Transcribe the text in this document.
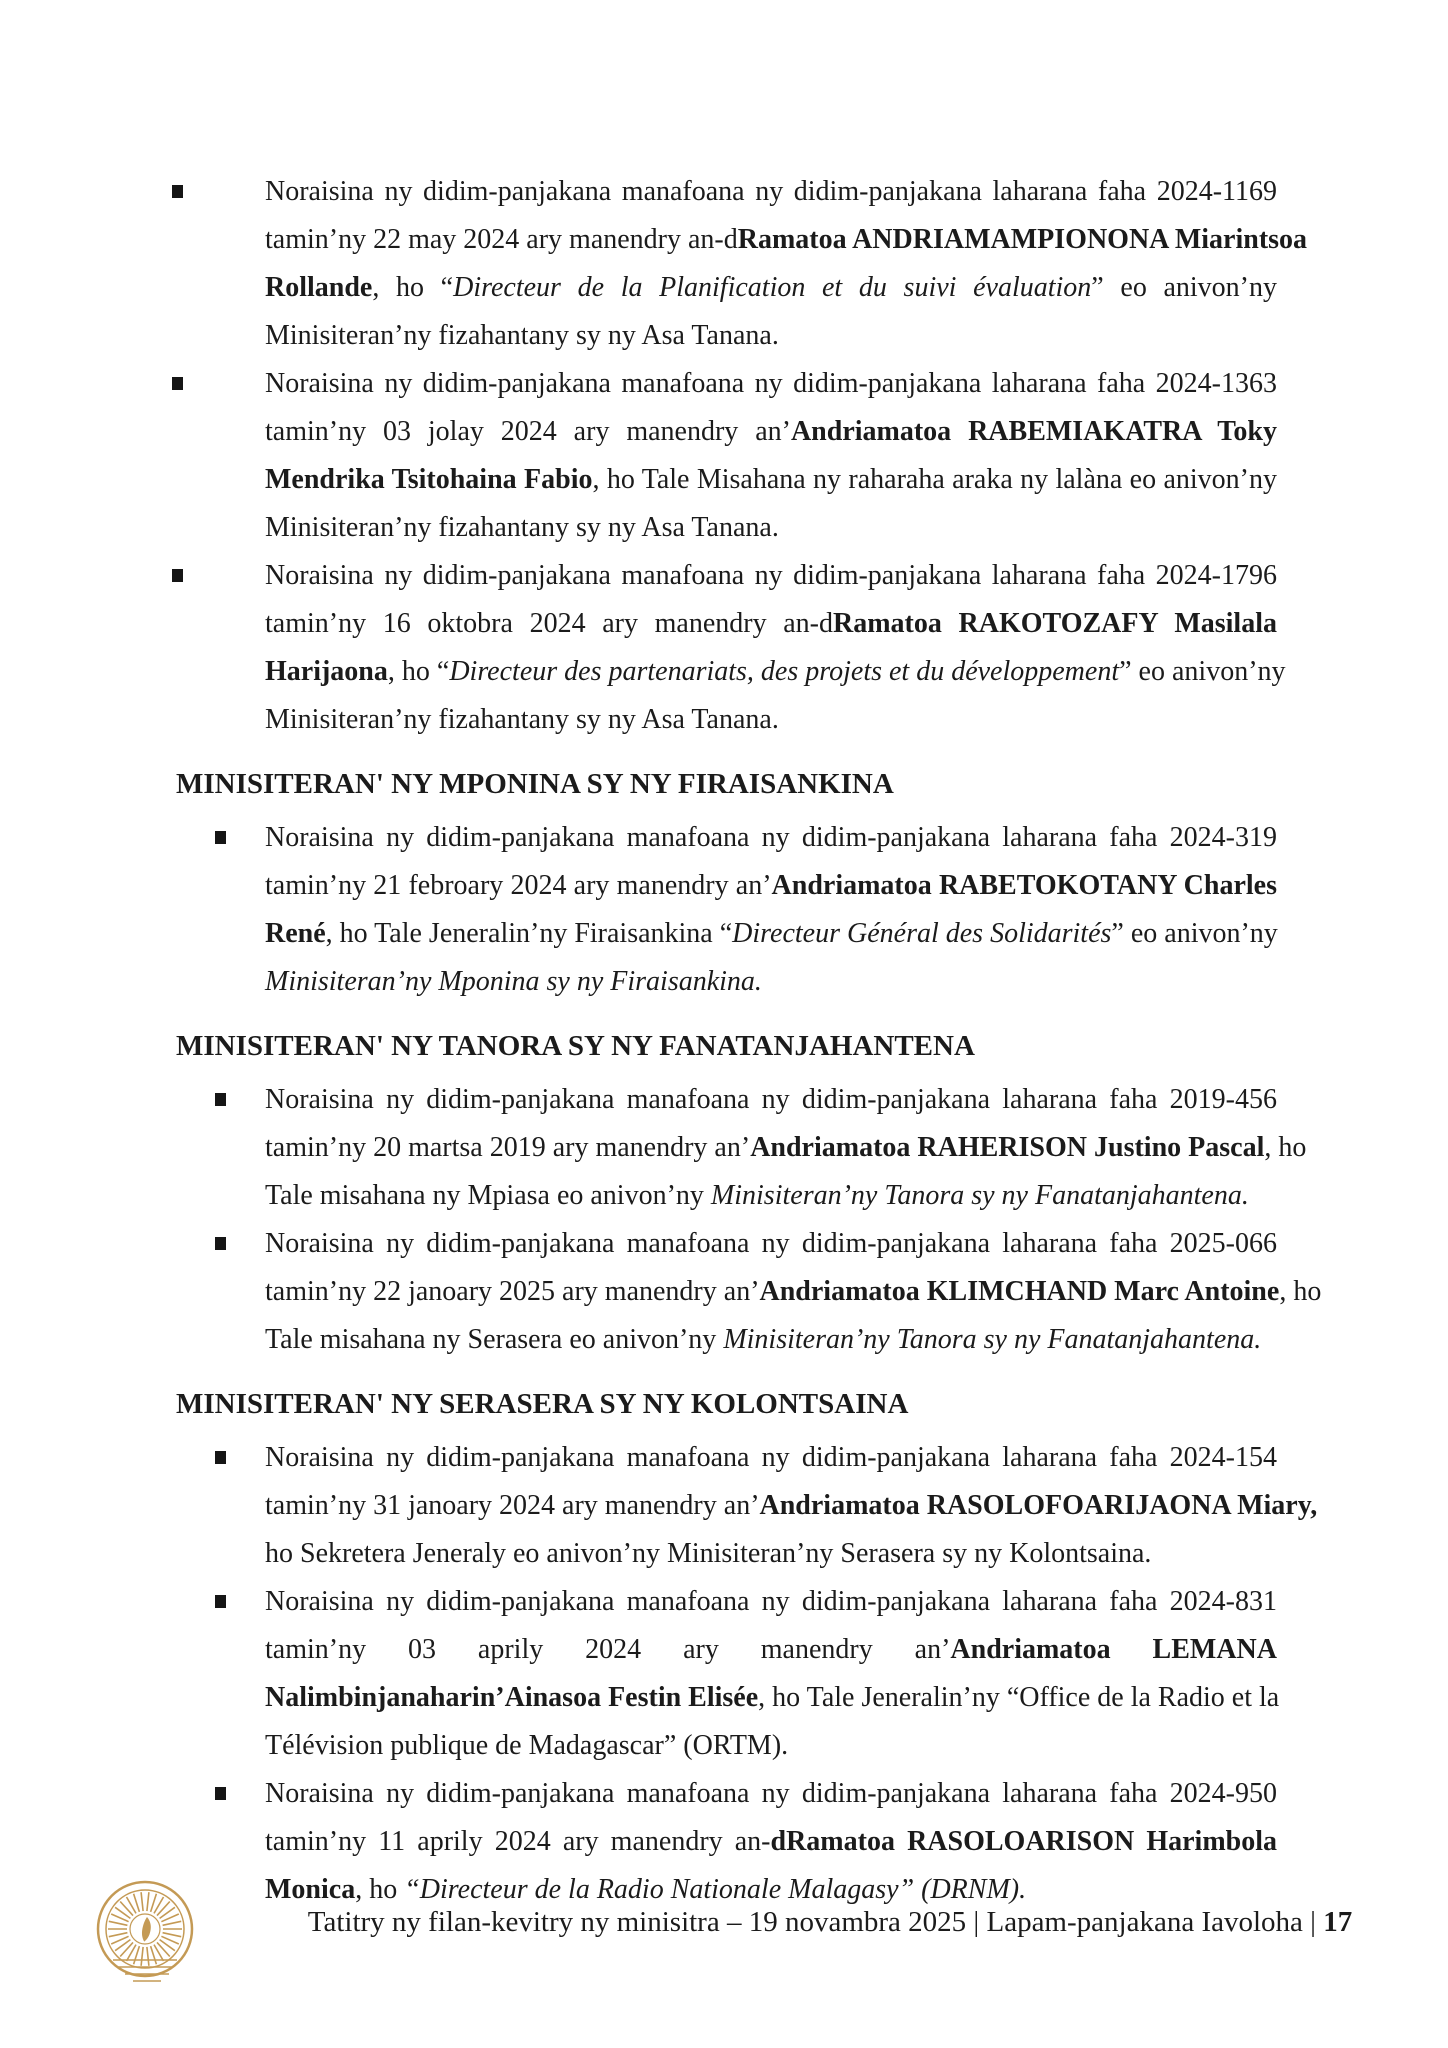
Noraisina ny didim-panjakana manafoana ny didim-panjakana laharana faha 2024-1169
tamin’ny 22 may 2024 ary manendry an-dRamatoa ANDRIAMAMPIONONA Miarintsoa
Rollande, ho “Directeur de la Planification et du suivi évaluation” eo anivon’ny
Minisiteran’ny fizahantany sy ny Asa Tanana.
Noraisina ny didim-panjakana manafoana ny didim-panjakana laharana faha 2024-1363
tamin’ny 03 jolay 2024 ary manendry an’Andriamatoa RABEMIAKATRA Toky
Mendrika Tsitohaina Fabio, ho Tale Misahana ny raharaha araka ny lalàna eo anivon’ny
Minisiteran’ny fizahantany sy ny Asa Tanana.
Noraisina ny didim-panjakana manafoana ny didim-panjakana laharana faha 2024-1796
tamin’ny 16 oktobra 2024 ary manendry an-dRamatoa RAKOTOZAFY Masilala
Harijaona, ho “Directeur des partenariats, des projets et du développement” eo anivon’ny
Minisiteran’ny fizahantany sy ny Asa Tanana.
MINISITERAN' NY MPONINA SY NY FIRAISANKINA
Noraisina ny didim-panjakana manafoana ny didim-panjakana laharana faha 2024-319
tamin’ny 21 febroary 2024 ary manendry an’Andriamatoa RABETOKOTANY Charles
René, ho Tale Jeneralin’ny Firaisankina “Directeur Général des Solidarités” eo anivon’ny
Minisiteran’ny Mponina sy ny Firaisankina.
MINISITERAN' NY TANORA SY NY FANATANJAHANTENA
Noraisina ny didim-panjakana manafoana ny didim-panjakana laharana faha 2019-456
tamin’ny 20 martsa 2019 ary manendry an’Andriamatoa RAHERISON Justino Pascal, ho
Tale misahana ny Mpiasa eo anivon’ny Minisiteran’ny Tanora sy ny Fanatanjahantena.
Noraisina ny didim-panjakana manafoana ny didim-panjakana laharana faha 2025-066
tamin’ny 22 janoary 2025 ary manendry an’Andriamatoa KLIMCHAND Marc Antoine, ho
Tale misahana ny Serasera eo anivon’ny Minisiteran’ny Tanora sy ny Fanatanjahantena.
MINISITERAN' NY SERASERA SY NY KOLONTSAINA
Noraisina ny didim-panjakana manafoana ny didim-panjakana laharana faha 2024-154
tamin’ny 31 janoary 2024 ary manendry an’Andriamatoa RASOLOFOARIJAONA Miary,
ho Sekretera Jeneraly eo anivon’ny Minisiteran’ny Serasera sy ny Kolontsaina.
Noraisina ny didim-panjakana manafoana ny didim-panjakana laharana faha 2024-831
tamin’ny 03 aprily 2024 ary manendry an’Andriamatoa LEMANA
Nalimbinjanaharin’Ainasoa Festin Elisée, ho Tale Jeneralin’ny “Office de la Radio et la
Télévision publique de Madagascar” (ORTM).
Noraisina ny didim-panjakana manafoana ny didim-panjakana laharana faha 2024-950
tamin’ny 11 aprily 2024 ary manendry an-dRamatoa RASOLOARISON Harimbola
Monica, ho “Directeur de la Radio Nationale Malagasy” (DRNM).
Tatitry ny filan-kevitry ny minisitra – 19 novambra 2025 | Lapam-panjakana Iavoloha | 17
